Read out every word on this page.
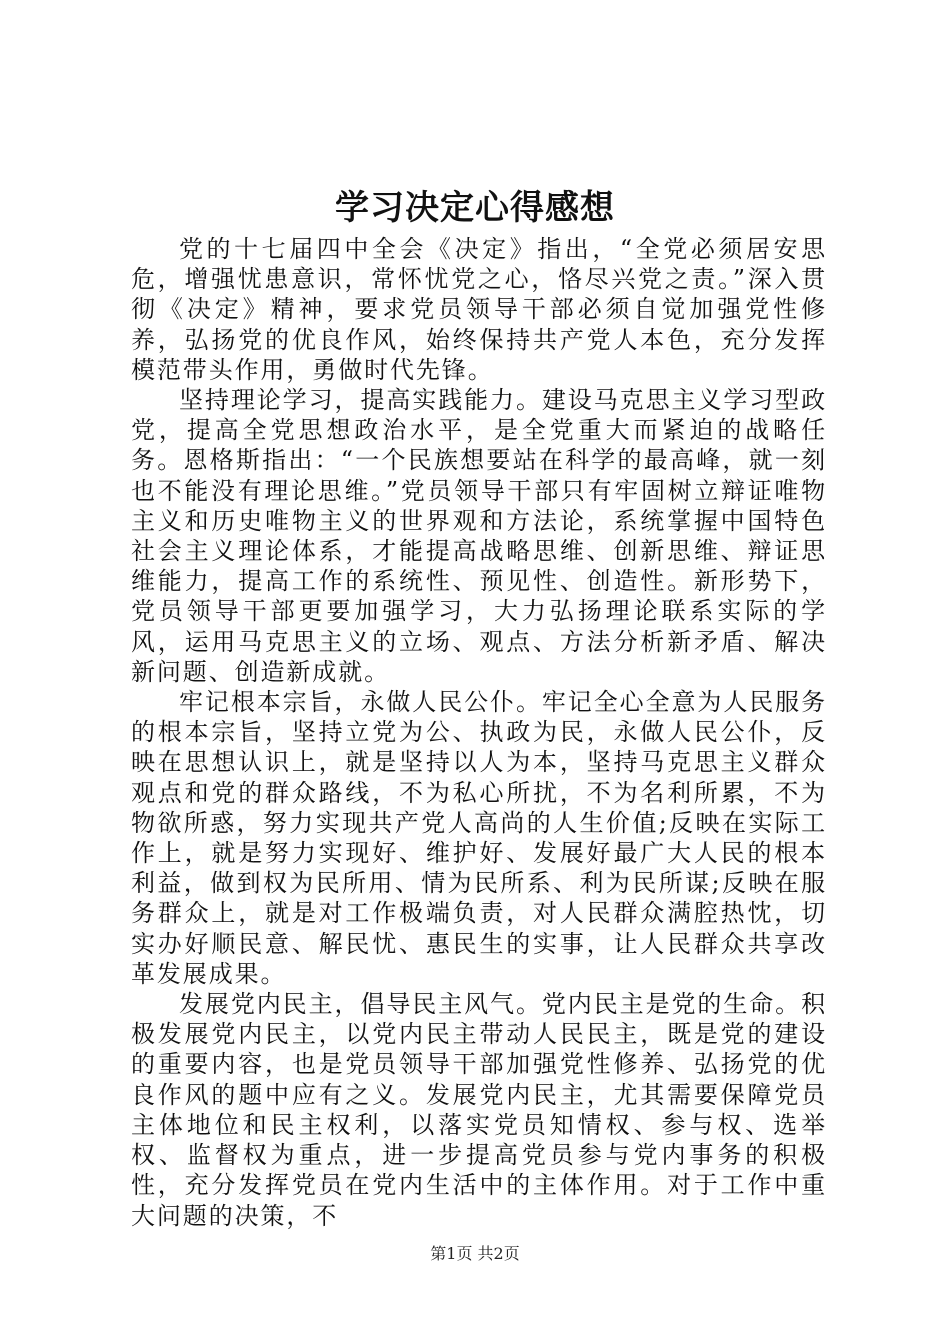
学习决定心得感想

党的十七届四中全会《决定》指出，“全党必须居安思危，增强忧患意识，常怀忧党之心，恪尽兴党之责。”深入贯彻《决定》精神，要求党员领导干部必须自觉加强党性修养，弘扬党的优良作风，始终保持共产党人本色，充分发挥模范带头作用，勇做时代先锋。

坚持理论学习，提高实践能力。建设马克思主义学习型政党，提高全党思想政治水平，是全党重大而紧迫的战略任务。恩格斯指出：“一个民族想要站在科学的最高峰，就一刻也不能没有理论思维。”党员领导干部只有牢固树立辩证唯物主义和历史唯物主义的世界观和方法论，系统掌握中国特色社会主义理论体系，才能提高战略思维、创新思维、辩证思维能力，提高工作的系统性、预见性、创造性。新形势下，党员领导干部更要加强学习，大力弘扬理论联系实际的学风，运用马克思主义的立场、观点、方法分析新矛盾、解决新问题、创造新成就。

牢记根本宗旨，永做人民公仆。牢记全心全意为人民服务的根本宗旨，坚持立党为公、执政为民，永做人民公仆，反映在思想认识上，就是坚持以人为本，坚持马克思主义群众观点和党的群众路线，不为私心所扰，不为名利所累，不为物欲所惑，努力实现共产党人高尚的人生价值;反映在实际工作上，就是努力实现好、维护好、发展好最广大人民的根本利益，做到权为民所用、情为民所系、利为民所谋;反映在服务群众上，就是对工作极端负责，对人民群众满腔热忱，切实办好顺民意、解民忧、惠民生的实事，让人民群众共享改革发展成果。

发展党内民主，倡导民主风气。党内民主是党的生命。积极发展党内民主，以党内民主带动人民民主，既是党的建设的重要内容，也是党员领导干部加强党性修养、弘扬党的优良作风的题中应有之义。发展党内民主，尤其需要保障党员主体地位和民主权利，以落实党员知情权、参与权、选举权、监督权为重点，进一步提高党员参与党内事务的积极性，充分发挥党员在党内生活中的主体作用。对于工作中重大问题的决策，不

第1页 共2页
